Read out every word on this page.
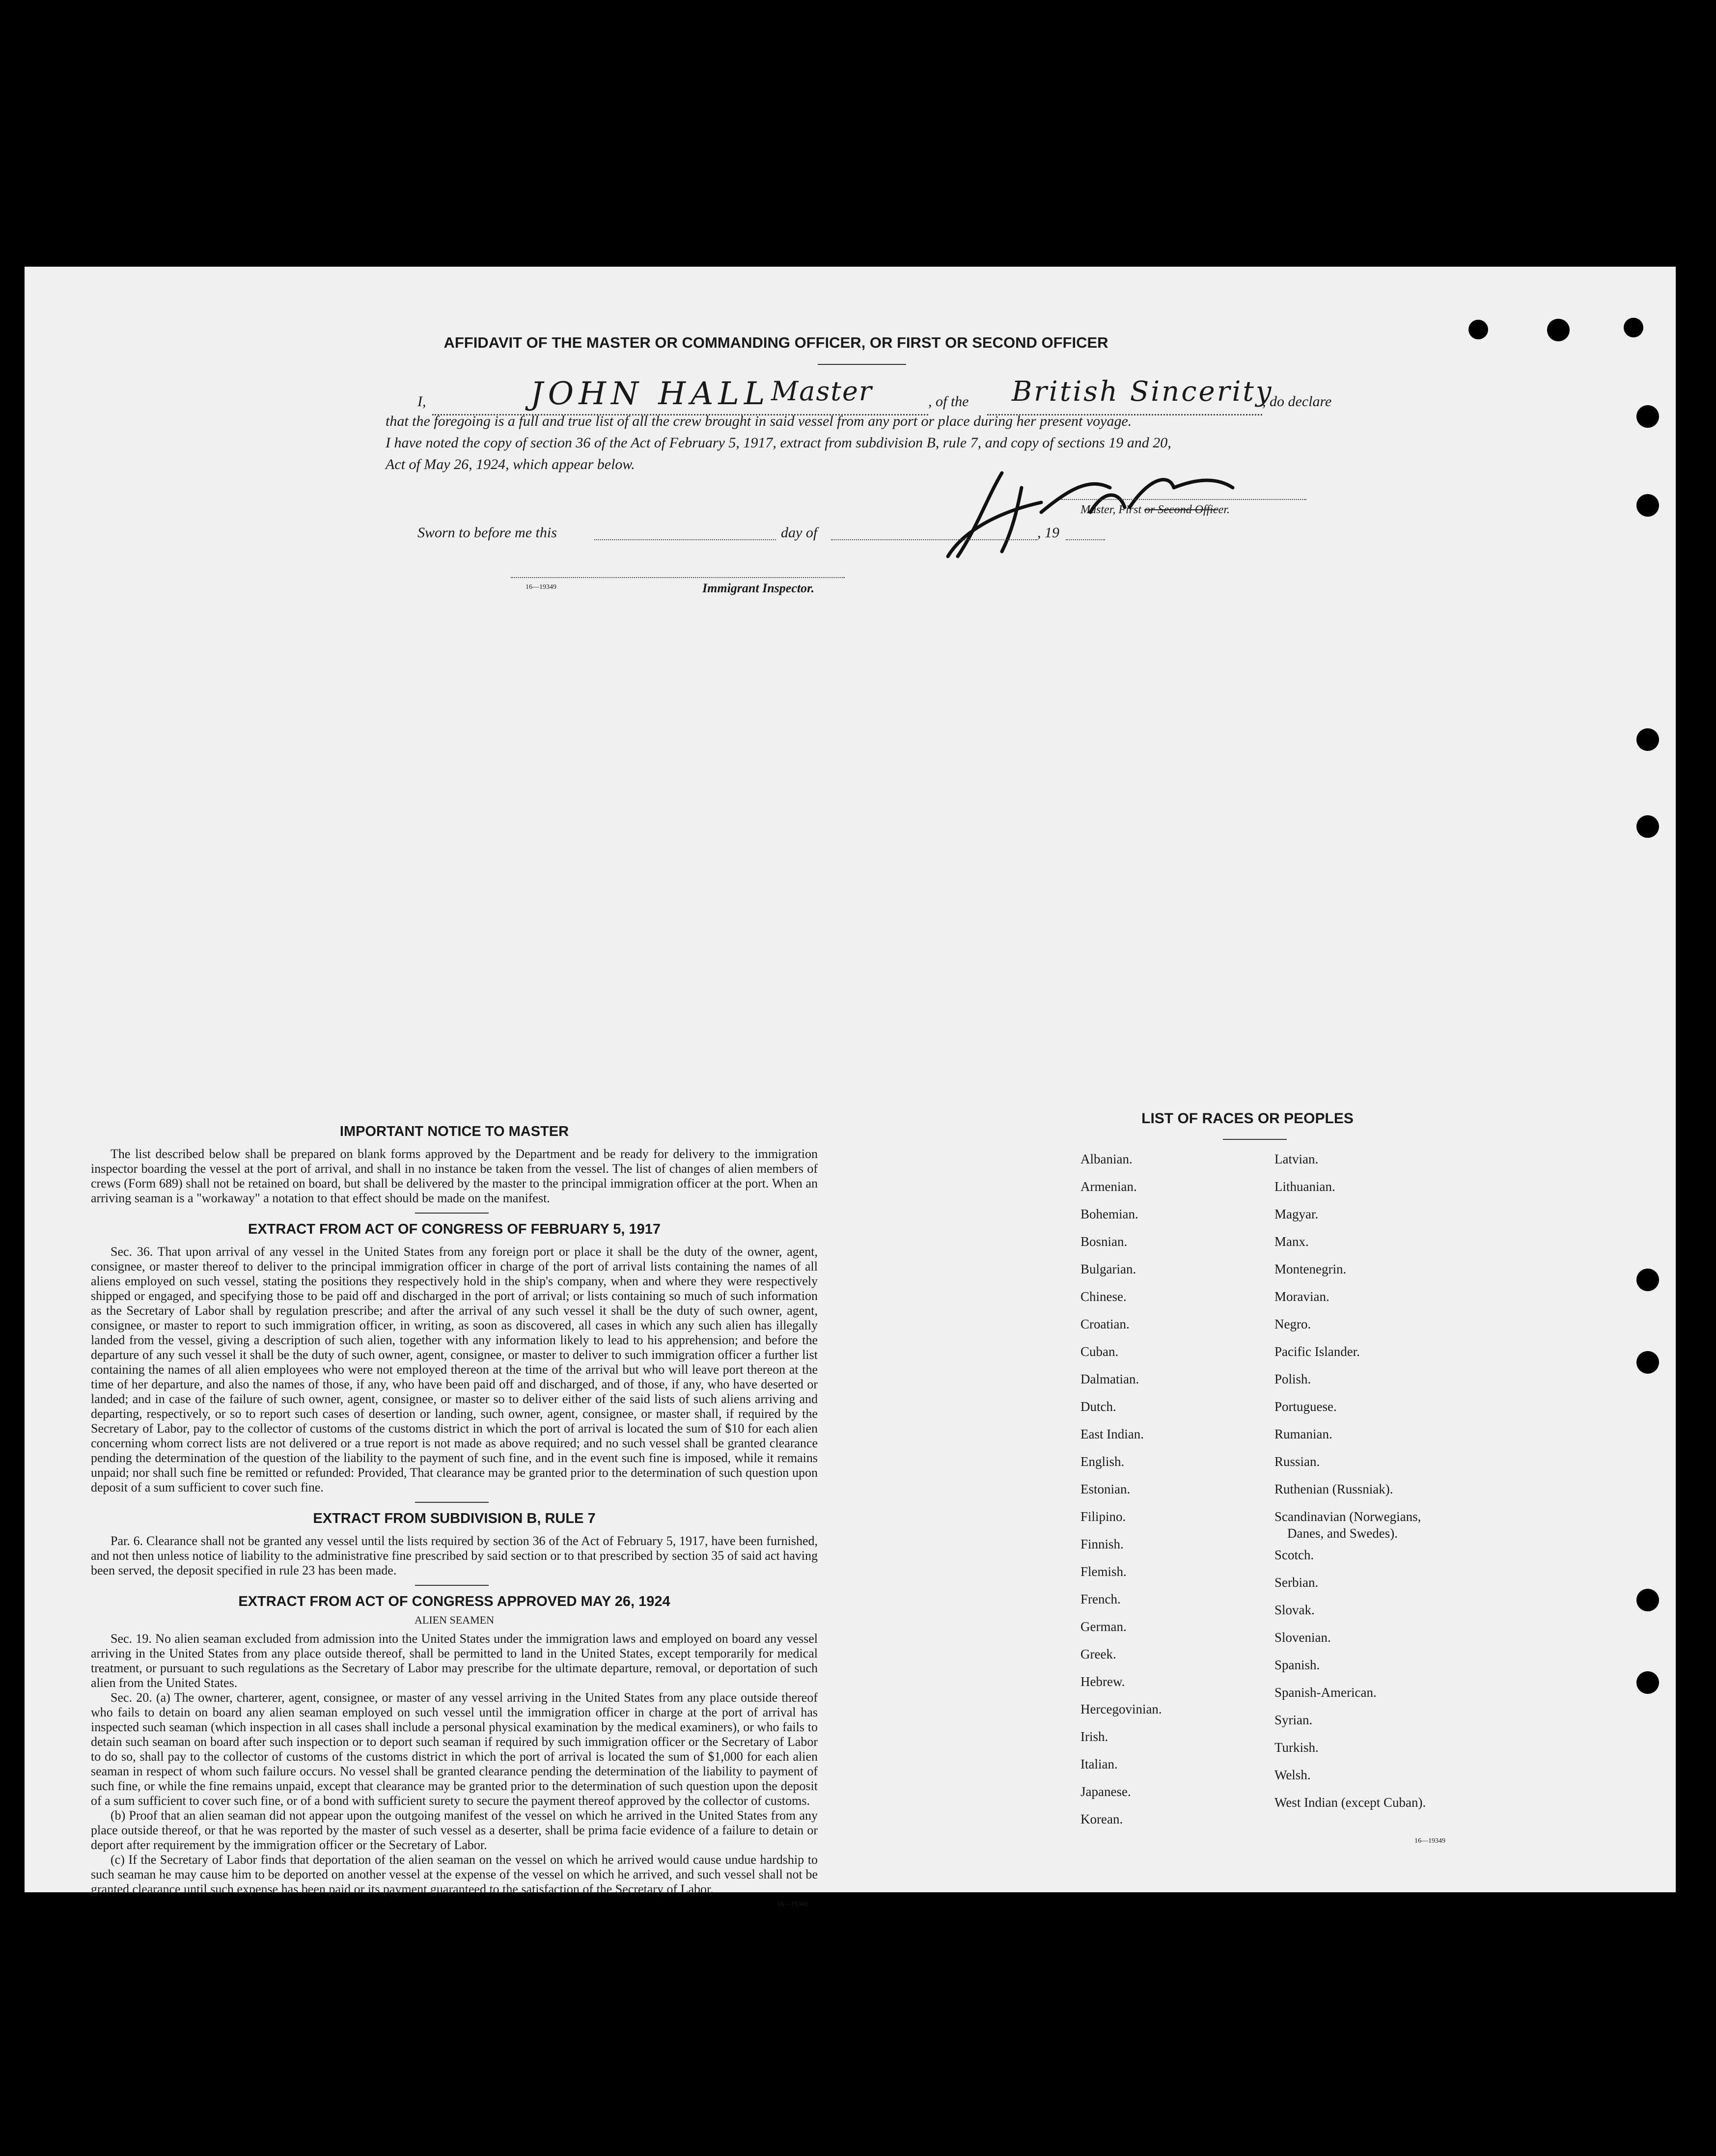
AFFIDAVIT OF THE MASTER OR COMMANDING OFFICER, OR FIRST OR SECOND OFFICER
I,	JOHN HALL Master	, of the British Sincerity
, do declare
that the foregoing is a full and true list of all the crew brought in said vessel from any port or place during her present voyage.
I have noted the copy of section 36 of the Act of February 5, 1917, extract from subdivision B, rule 7, and copy of sections 19 and 20,
Act of May 26, 1924, which appear below.
Master, First or Second Officer.
Sworn to before me this	day of	, 19
16—19349	Immigrant Inspector.
IMPORTANT NOTICE TO MASTER
The list described below shall be prepared on blank forms approved by the Department and be ready for delivery to the immigration inspector boarding the vessel at the port of arrival, and shall in no instance be taken from the vessel. The list of changes of alien members of crews (Form 689) shall not be retained on board, but shall be delivered by the master to the principal immigration officer at the port. When an arriving seaman is a "workaway" a notation to that effect should be made on the manifest.
EXTRACT FROM ACT OF CONGRESS OF FEBRUARY 5, 1917
Sec. 36. That upon arrival of any vessel in the United States from any foreign port or place it shall be the duty of the owner, agent, consignee, or master thereof to deliver to the principal immigration officer in charge of the port of arrival lists containing the names of all aliens employed on such vessel, stating the positions they respectively hold in the ship's company, when and where they were respectively shipped or engaged, and specifying those to be paid off and discharged in the port of arrival; or lists containing so much of such information as the Secretary of Labor shall by regulation prescribe; and after the arrival of any such vessel it shall be the duty of such owner, agent, consignee, or master to report to such immigration officer, in writing, as soon as discovered, all cases in which any such alien has illegally landed from the vessel, giving a description of such alien, together with any information likely to lead to his apprehension; and before the departure of any such vessel it shall be the duty of such owner, agent, consignee, or master to deliver to such immigration officer a further list containing the names of all alien employees who were not employed thereon at the time of the arrival but who will leave port thereon at the time of her departure, and also the names of those, if any, who have been paid off and discharged, and of those, if any, who have deserted or landed; and in case of the failure of such owner, agent, consignee, or master so to deliver either of the said lists of such aliens arriving and departing, respectively, or so to report such cases of desertion or landing, such owner, agent, consignee, or master shall, if required by the Secretary of Labor, pay to the collector of customs of the customs district in which the port of arrival is located the sum of $10 for each alien concerning whom correct lists are not delivered or a true report is not made as above required; and no such vessel shall be granted clearance pending the determination of the question of the liability to the payment of such fine, and in the event such fine is imposed, while it remains unpaid; nor shall such fine be remitted or refunded: Provided, That clearance may be granted prior to the determination of such question upon deposit of a sum sufficient to cover such fine.
EXTRACT FROM SUBDIVISION B, RULE 7
Par. 6. Clearance shall not be granted any vessel until the lists required by section 36 of the Act of February 5, 1917, have been furnished, and not then unless notice of liability to the administrative fine prescribed by said section or to that prescribed by section 35 of said act having been served, the deposit specified in rule 23 has been made.
EXTRACT FROM ACT OF CONGRESS APPROVED MAY 26, 1924
ALIEN SEAMEN
Sec. 19. No alien seaman excluded from admission into the United States under the immigration laws and employed on board any vessel arriving in the United States from any place outside thereof, shall be permitted to land in the United States, except temporarily for medical treatment, or pursuant to such regulations as the Secretary of Labor may prescribe for the ultimate departure, removal, or deportation of such alien from the United States.
Sec. 20. (a) The owner, charterer, agent, consignee, or master of any vessel arriving in the United States from any place outside thereof who fails to detain on board any alien seaman employed on such vessel until the immigration officer in charge at the port of arrival has inspected such seaman (which inspection in all cases shall include a personal physical examination by the medical examiners), or who fails to detain such seaman on board after such inspection or to deport such seaman if required by such immigration officer or the Secretary of Labor to do so, shall pay to the collector of customs of the customs district in which the port of arrival is located the sum of $1,000 for each alien seaman in respect of whom such failure occurs. No vessel shall be granted clearance pending the determination of the liability to payment of such fine, or while the fine remains unpaid, except that clearance may be granted prior to the determination of such question upon the deposit of a sum sufficient to cover such fine, or of a bond with sufficient surety to secure the payment thereof approved by the collector of customs.
(b) Proof that an alien seaman did not appear upon the outgoing manifest of the vessel on which he arrived in the United States from any place outside thereof, or that he was reported by the master of such vessel as a deserter, shall be prima facie evidence of a failure to detain or deport after requirement by the immigration officer or the Secretary of Labor.
(c) If the Secretary of Labor finds that deportation of the alien seaman on the vessel on which he arrived would cause undue hardship to such seaman he may cause him to be deported on another vessel at the expense of the vessel on which he arrived, and such vessel shall not be granted clearance until such expense has been paid or its payment guaranteed to the satisfaction of the Secretary of Labor.
16—19349
LIST OF RACES OR PEOPLES
Albanian.
Armenian.
Bohemian.
Bosnian.
Bulgarian.
Chinese.
Croatian.
Cuban.
Dalmatian.
Dutch.
East Indian.
English.
Estonian.
Filipino.
Finnish.
Flemish.
French.
German.
Greek.
Hebrew.
Hercegovinian.
Irish.
Italian.
Japanese.
Korean.
Latvian.
Lithuanian.
Magyar.
Manx.
Montenegrin.
Moravian.
Negro.
Pacific Islander.
Polish.
Portuguese.
Rumanian.
Russian.
Ruthenian (Russniak).
Scandinavian (Norwegians,
Danes, and Swedes).
Scotch.
Serbian.
Slovak.
Slovenian.
Spanish.
Spanish-American.
Syrian.
Turkish.
Welsh.
West Indian (except Cuban).
16—19349
